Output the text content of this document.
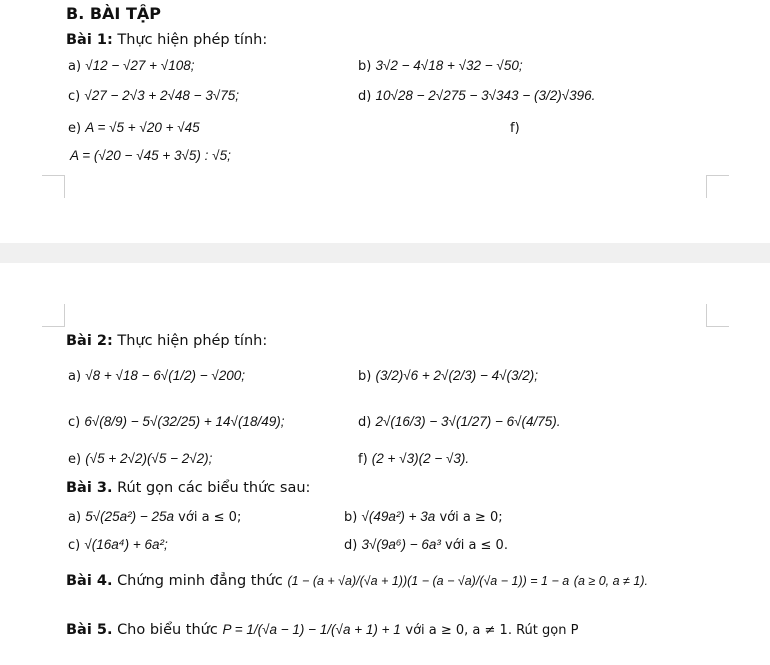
B. BÀI TẬP
Bài 1: Thực hiện phép tính:
a) √12 − √27 + √108;	b) 3√2 − 4√18 + √32 − √50;
c) √27 − 2√3 + 2√48 − 3√75;	d) 10√28 − 2√275 − 3√343 − (3/2)√396.
e) A = √5 + √20 + √45	f)
A = (√20 − √45 + 3√5) : √5;
Bài 2: Thực hiện phép tính:
a) √8 + √18 − 6√(1/2) − √200;	b) (3/2)√6 + 2√(2/3) − 4√(3/2);
c) 6√(8/9) − 5√(32/25) + 14√(18/49);	d) 2√(16/3) − 3√(1/27) − 6√(4/75).
e) (√5 + 2√2)(√5 − 2√2);	f) (2 + √3)(2 − √3).
Bài 3. Rút gọn các biểu thức sau:
a) 5√(25a²) − 25a với a ≤ 0;	b) √(49a²) + 3a với a ≥ 0;
c) √(16a⁴) + 6a²;	d) 3√(9a⁶) − 6a³ với a ≤ 0.
Bài 4. Chứng minh đẳng thức (1 − (a + √a)/(√a + 1))(1 − (a − √a)/(√a − 1)) = 1 − a (a ≥ 0, a ≠ 1).
Bài 5. Cho biểu thức P = 1/(√a − 1) − 1/(√a + 1) + 1 với a ≥ 0, a ≠ 1. Rút gọn P
